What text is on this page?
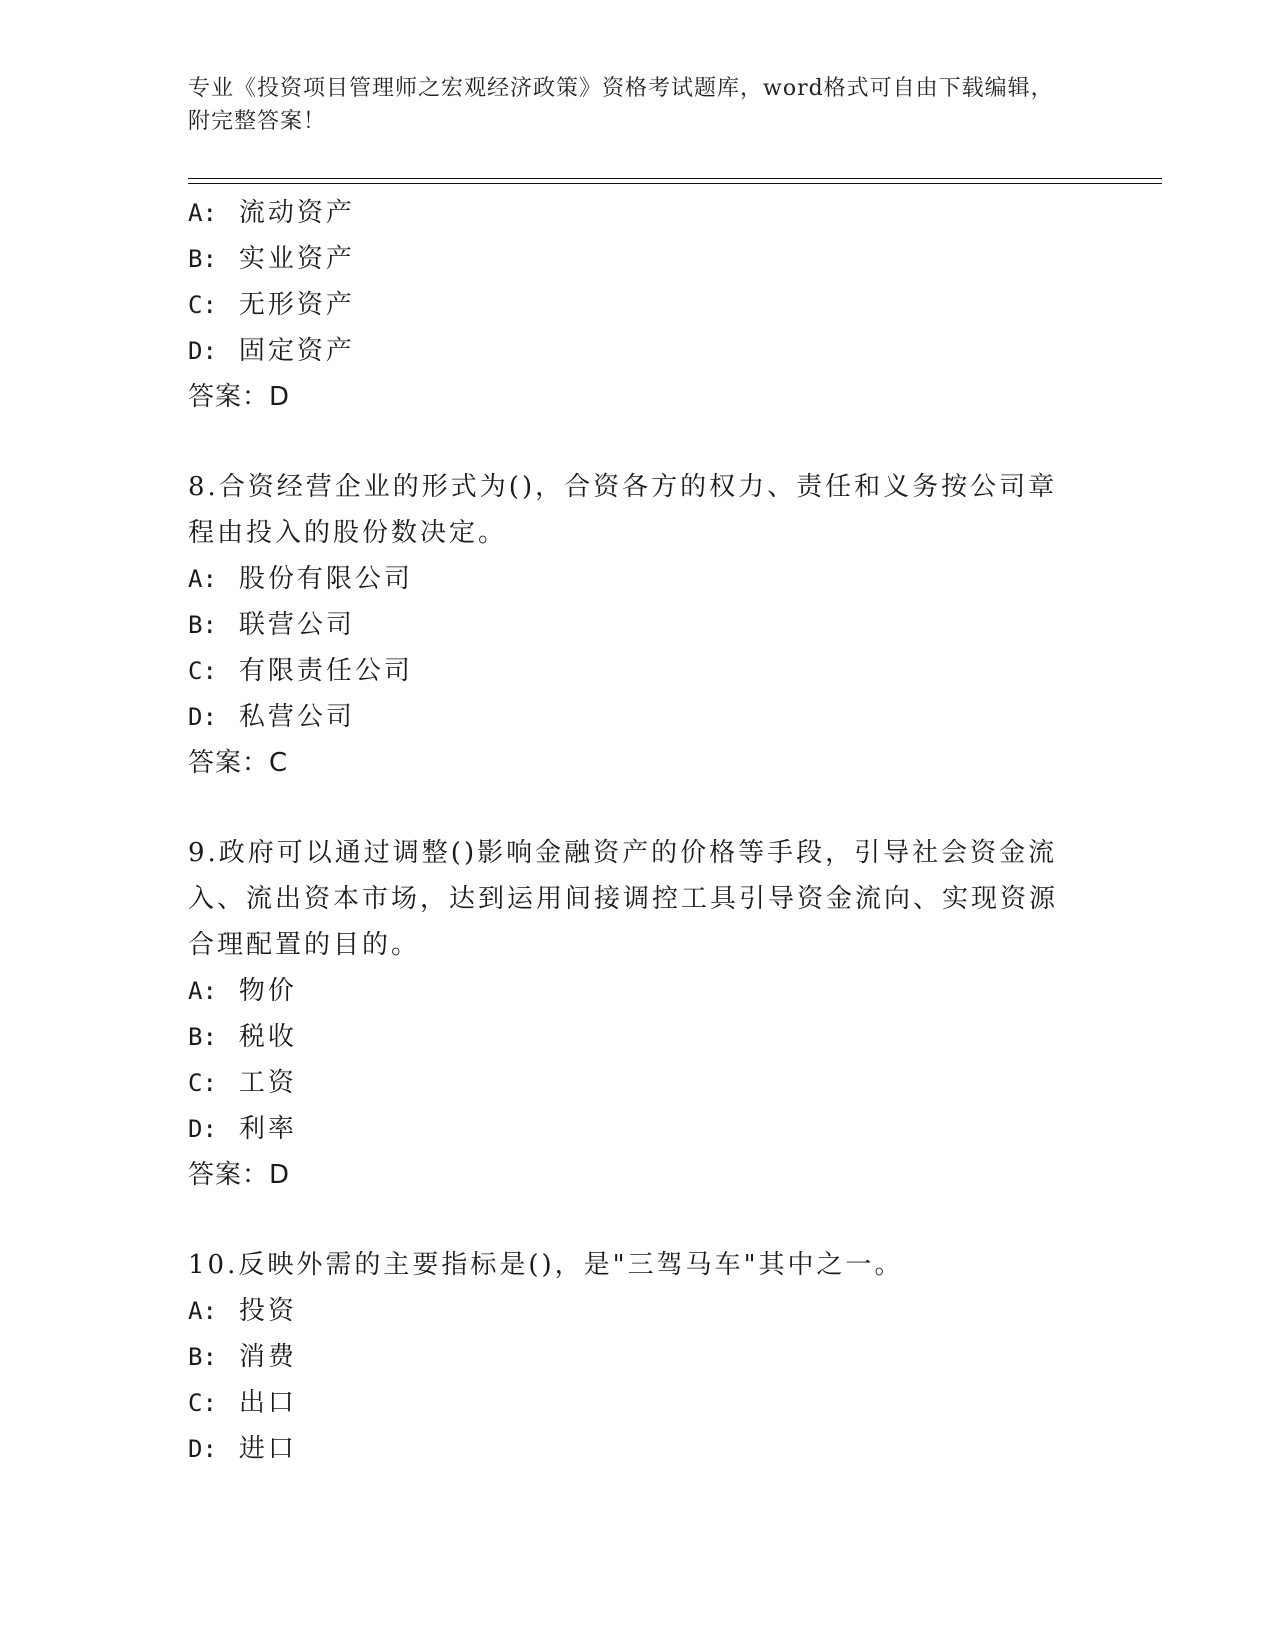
专业《投资项目管理师之宏观经济政策》资格考试题库，word格式可自由下载编辑，附完整答案！
A: 流动资产
B: 实业资产
C: 无形资产
D: 固定资产
答案：D
8.合资经营企业的形式为()，合资各方的权力、责任和义务按公司章程由投入的股份数决定。
A: 股份有限公司
B: 联营公司
C: 有限责任公司
D: 私营公司
答案：C
9.政府可以通过调整()影响金融资产的价格等手段，引导社会资金流入、流出资本市场，达到运用间接调控工具引导资金流向、实现资源合理配置的目的。
A: 物价
B: 税收
C: 工资
D: 利率
答案：D
10.反映外需的主要指标是()，是"三驾马车"其中之一。
A: 投资
B: 消费
C: 出口
D: 进口
